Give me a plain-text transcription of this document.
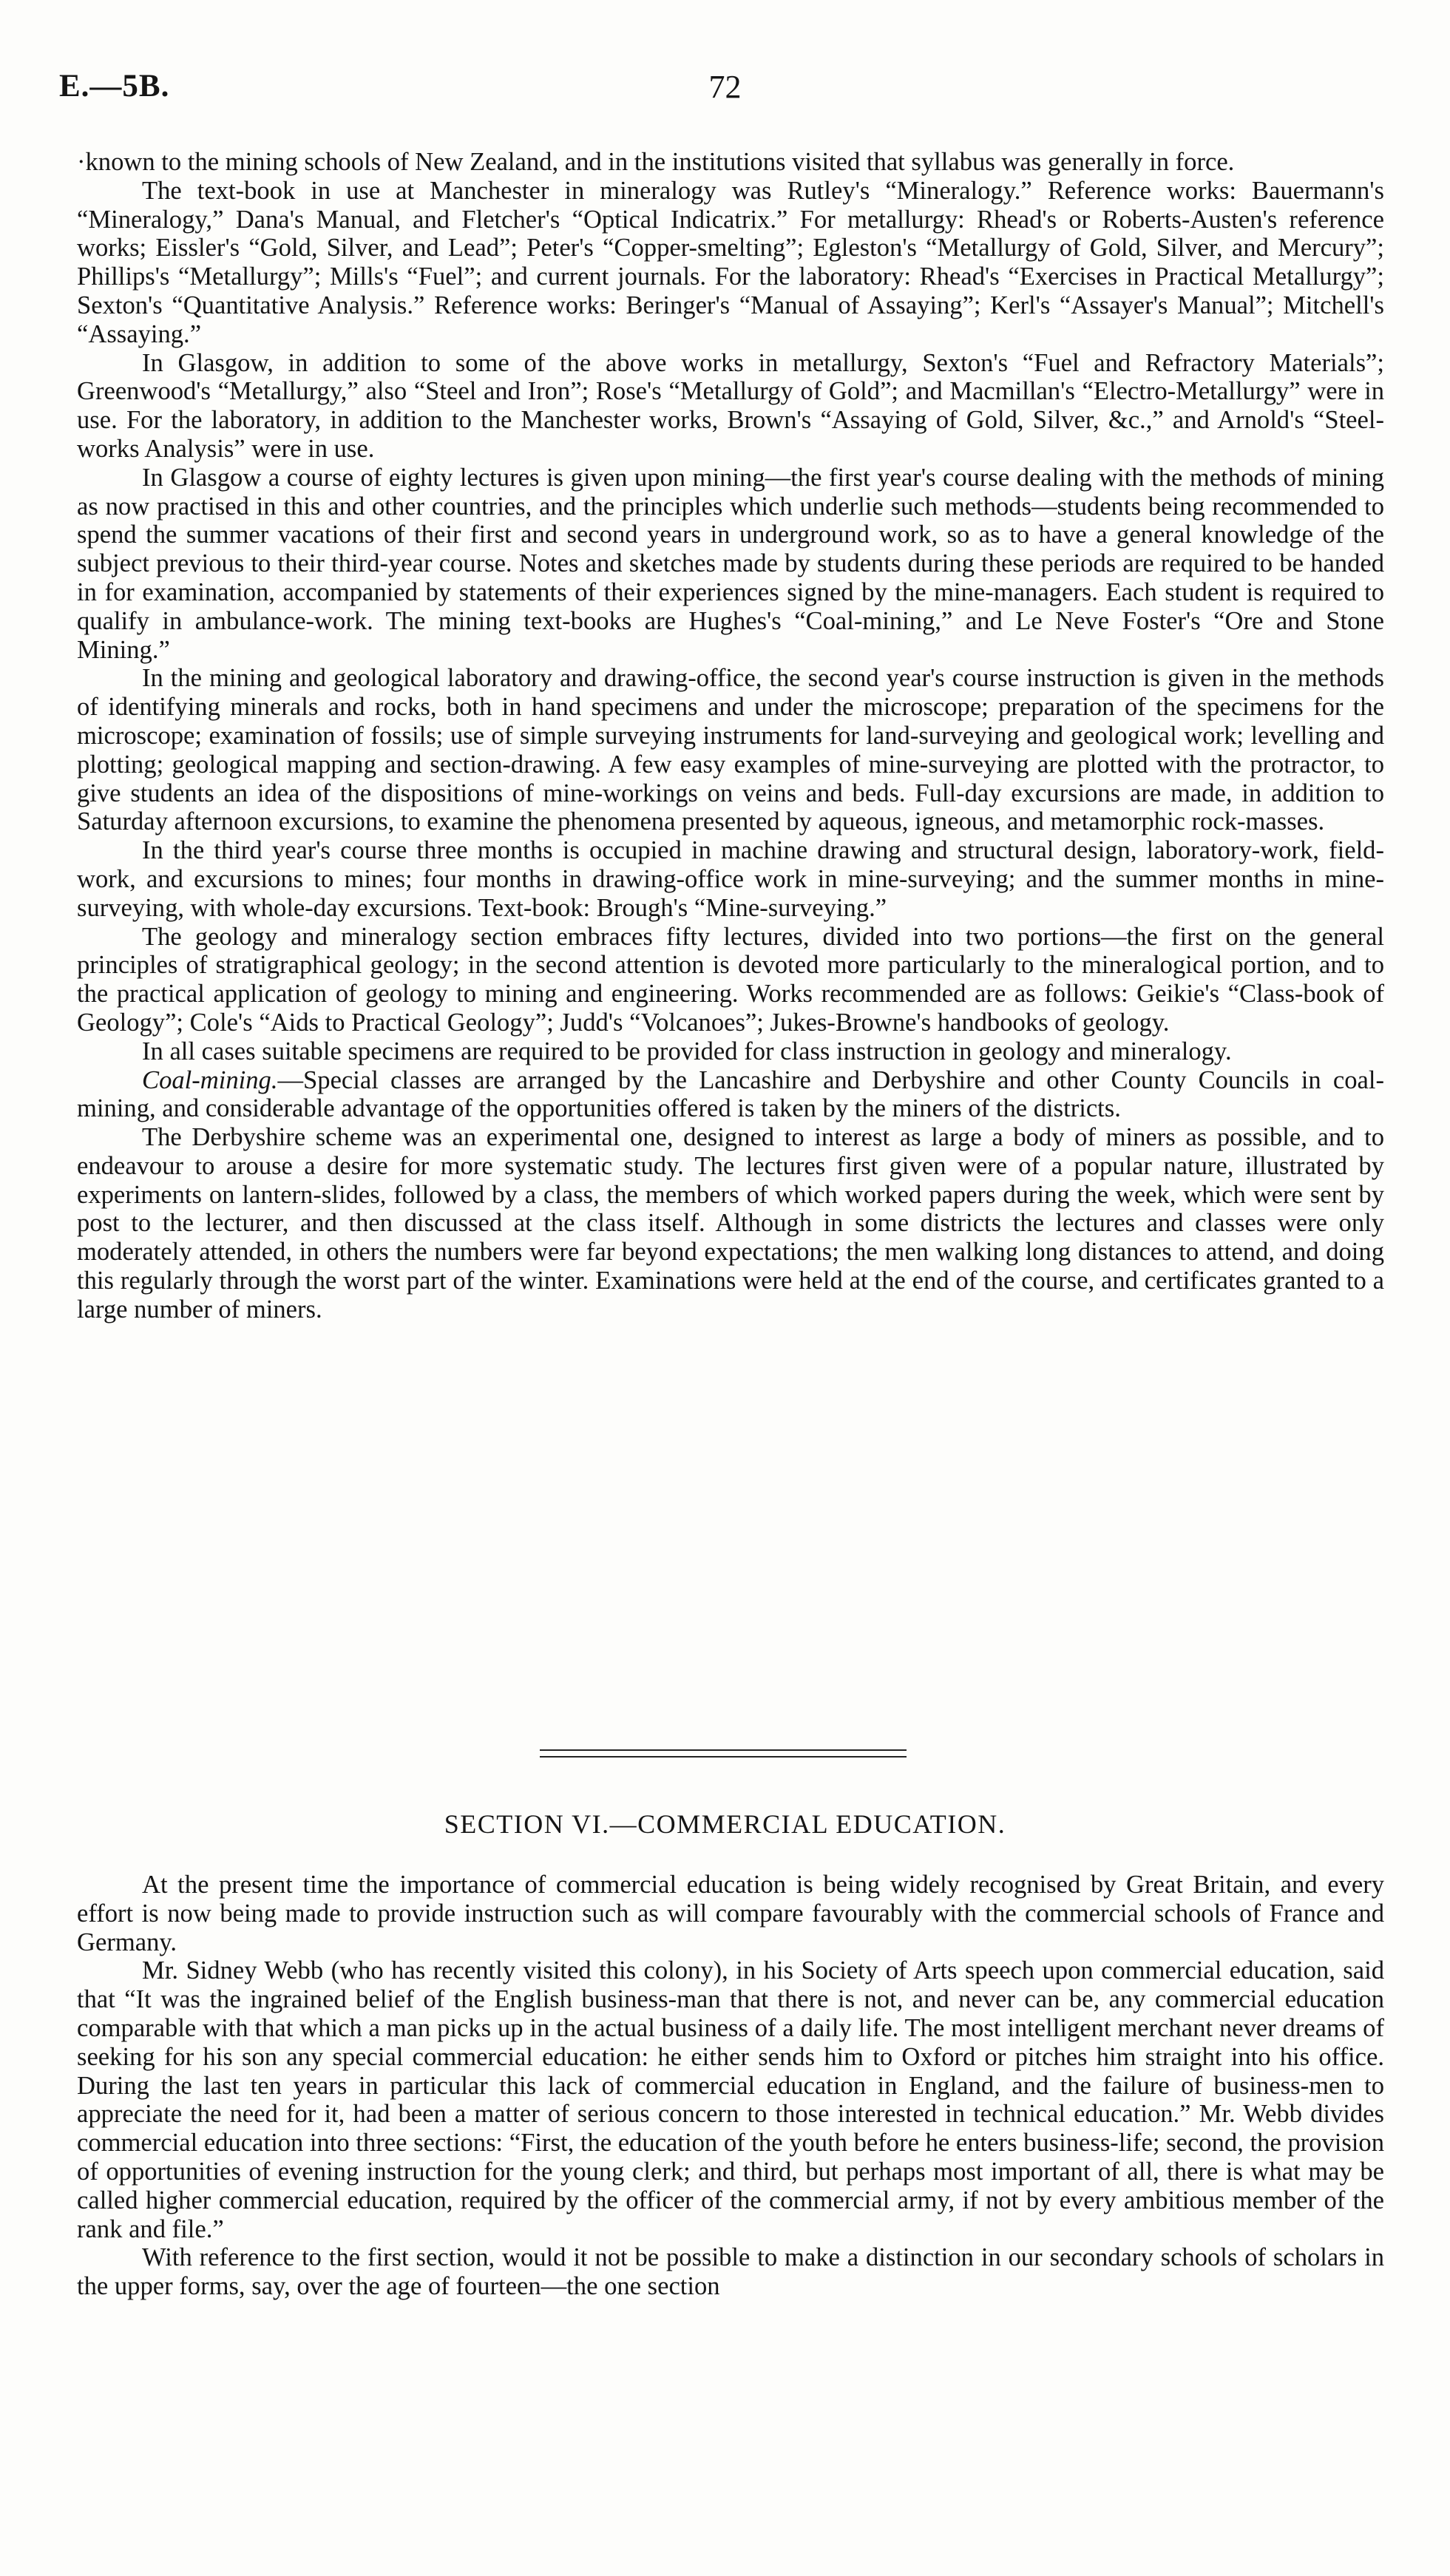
E.—5B.	72

·known to the mining schools of New Zealand, and in the institutions visited that syllabus was generally in force.

The text-book in use at Manchester in mineralogy was Rutley's “Mineralogy.” Reference works: Bauermann's “Mineralogy,” Dana's Manual, and Fletcher's “Optical Indicatrix.” For metallurgy: Rhead's or Roberts-Austen's reference works; Eissler's “Gold, Silver, and Lead”; Peter's “Copper-smelting”; Egleston's “Metallurgy of Gold, Silver, and Mercury”; Phillips's “Metallurgy”; Mills's “Fuel”; and current journals. For the laboratory: Rhead's “Exercises in Practical Metallurgy”; Sexton's “Quantitative Analysis.” Reference works: Beringer's “Manual of Assaying”; Kerl's “Assayer's Manual”; Mitchell's “Assaying.”

In Glasgow, in addition to some of the above works in metallurgy, Sexton's “Fuel and Refractory Materials”; Greenwood's “Metallurgy,” also “Steel and Iron”; Rose's “Metallurgy of Gold”; and Macmillan's “Electro-Metallurgy” were in use. For the laboratory, in addition to the Manchester works, Brown's “Assaying of Gold, Silver, &c.,” and Arnold's “Steel-works Analysis” were in use.

In Glasgow a course of eighty lectures is given upon mining—the first year's course dealing with the methods of mining as now practised in this and other countries, and the principles which underlie such methods—students being recommended to spend the summer vacations of their first and second years in underground work, so as to have a general knowledge of the subject previous to their third-year course. Notes and sketches made by students during these periods are required to be handed in for examination, accompanied by statements of their experiences signed by the mine-managers. Each student is required to qualify in ambulance-work. The mining text-books are Hughes's “Coal-mining,” and Le Neve Foster's “Ore and Stone Mining.”

In the mining and geological laboratory and drawing-office, the second year's course instruction is given in the methods of identifying minerals and rocks, both in hand specimens and under the microscope; preparation of the specimens for the microscope; examination of fossils; use of simple surveying instruments for land-surveying and geological work; levelling and plotting; geological mapping and section-drawing. A few easy examples of mine-surveying are plotted with the protractor, to give students an idea of the dispositions of mine-workings on veins and beds. Full-day excursions are made, in addition to Saturday afternoon excursions, to examine the phenomena presented by aqueous, igneous, and metamorphic rock-masses.

In the third year's course three months is occupied in machine drawing and structural design, laboratory-work, field-work, and excursions to mines; four months in drawing-office work in mine-surveying; and the summer months in mine-surveying, with whole-day excursions. Text-book: Brough's “Mine-surveying.”

The geology and mineralogy section embraces fifty lectures, divided into two portions—the first on the general principles of stratigraphical geology; in the second attention is devoted more particularly to the mineralogical portion, and to the practical application of geology to mining and engineering. Works recommended are as follows: Geikie's “Class-book of Geology”; Cole's “Aids to Practical Geology”; Judd's “Volcanoes”; Jukes-Browne's handbooks of geology.

In all cases suitable specimens are required to be provided for class instruction in geology and mineralogy.

Coal-mining.—Special classes are arranged by the Lancashire and Derbyshire and other County Councils in coal-mining, and considerable advantage of the opportunities offered is taken by the miners of the districts.

The Derbyshire scheme was an experimental one, designed to interest as large a body of miners as possible, and to endeavour to arouse a desire for more systematic study. The lectures first given were of a popular nature, illustrated by experiments on lantern-slides, followed by a class, the members of which worked papers during the week, which were sent by post to the lecturer, and then discussed at the class itself. Although in some districts the lectures and classes were only moderately attended, in others the numbers were far beyond expectations; the men walking long distances to attend, and doing this regularly through the worst part of the winter. Examinations were held at the end of the course, and certificates granted to a large number of miners.

SECTION VI.—COMMERCIAL EDUCATION.

At the present time the importance of commercial education is being widely recognised by Great Britain, and every effort is now being made to provide instruction such as will compare favourably with the commercial schools of France and Germany.

Mr. Sidney Webb (who has recently visited this colony), in his Society of Arts speech upon commercial education, said that “It was the ingrained belief of the English business-man that there is not, and never can be, any commercial education comparable with that which a man picks up in the actual business of a daily life. The most intelligent merchant never dreams of seeking for his son any special commercial education: he either sends him to Oxford or pitches him straight into his office. During the last ten years in particular this lack of commercial education in England, and the failure of business-men to appreciate the need for it, had been a matter of serious concern to those interested in technical education.” Mr. Webb divides commercial education into three sections: “First, the education of the youth before he enters business-life; second, the provision of opportunities of evening instruction for the young clerk; and third, but perhaps most important of all, there is what may be called higher commercial education, required by the officer of the commercial army, if not by every ambitious member of the rank and file.”

With reference to the first section, would it not be possible to make a distinction in our secondary schools of scholars in the upper forms, say, over the age of fourteen—the one section
